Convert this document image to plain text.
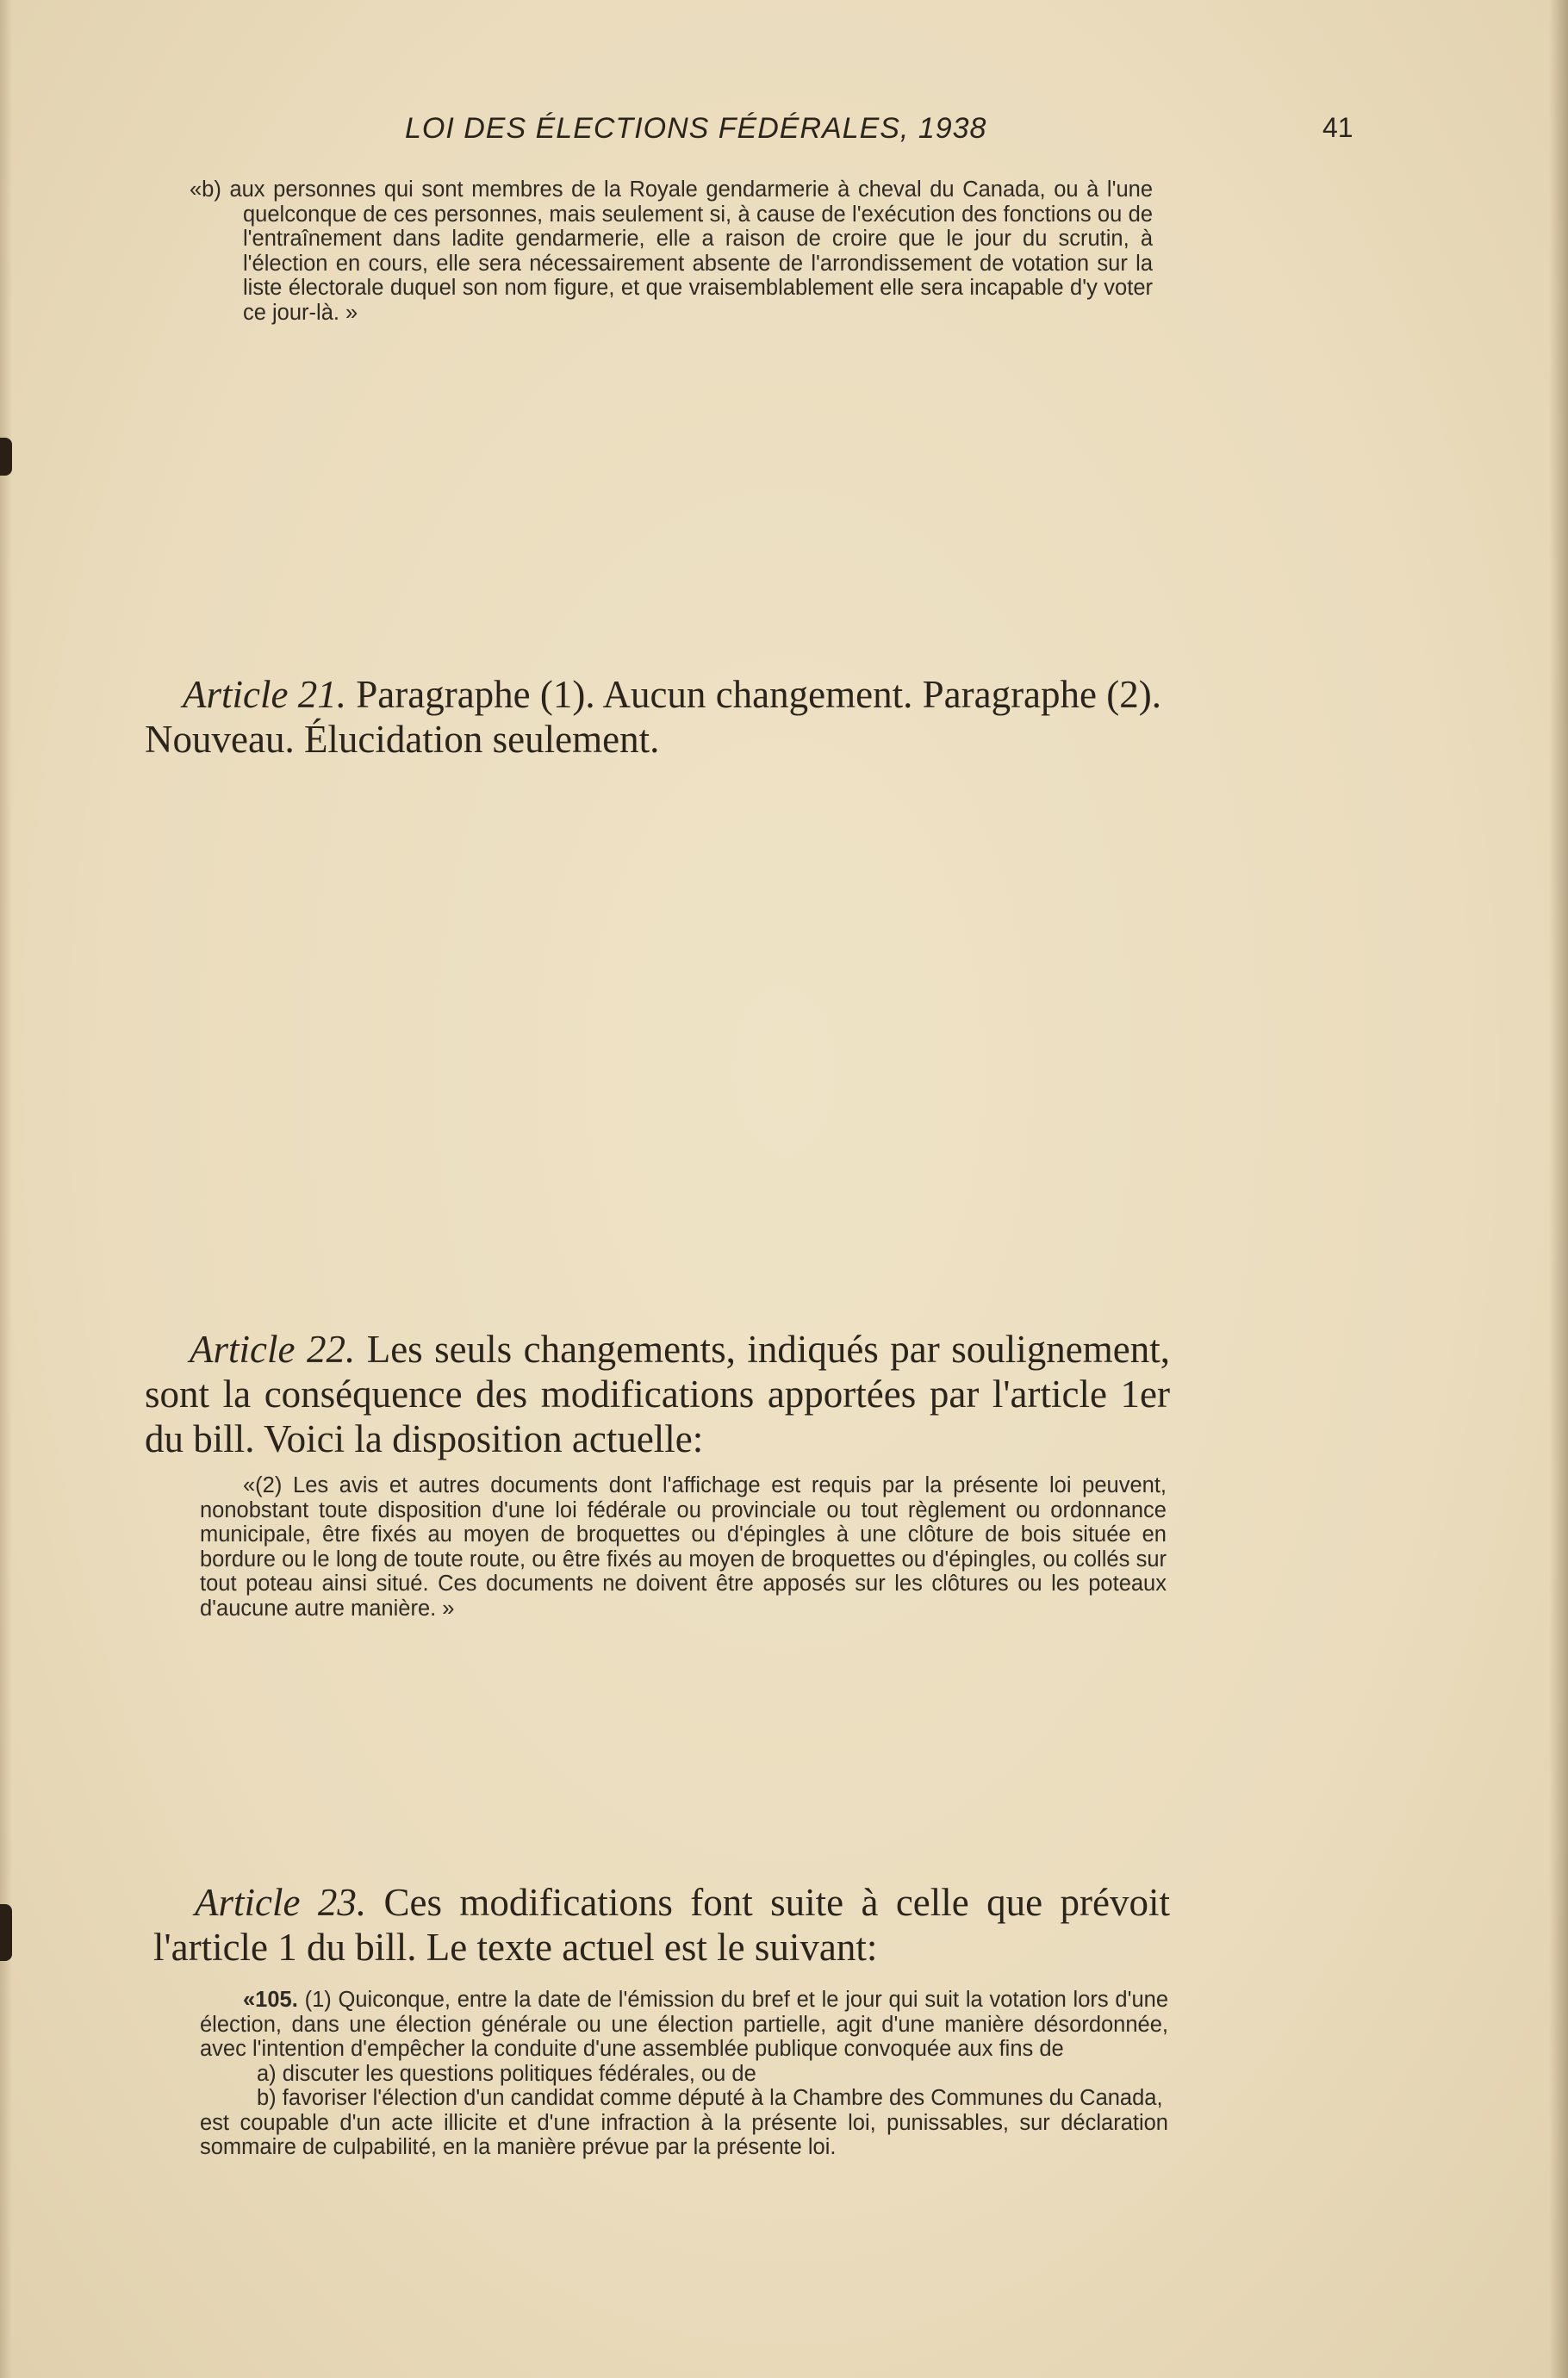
LOI DES ÉLECTIONS FÉDÉRALES, 1938	41

«b) aux personnes qui sont membres de la Royale gendarmerie à cheval du Canada, ou à l'une quelconque de ces personnes, mais seulement si, à cause de l'exécution des fonctions ou de l'entraînement dans ladite gendarmerie, elle a raison de croire que le jour du scrutin, à l'élection en cours, elle sera nécessairement absente de l'arrondissement de votation sur la liste électorale duquel son nom figure, et que vraisemblablement elle sera incapable d'y voter ce jour-là. »

Article 21. Paragraphe (1). Aucun changement. Paragraphe (2). Nouveau. Élucidation seulement.

Article 22. Les seuls changements, indiqués par soulignement, sont la conséquence des modifications apportées par l'article 1er du bill. Voici la disposition actuelle:

«(2) Les avis et autres documents dont l'affichage est requis par la présente loi peuvent, nonobstant toute disposition d'une loi fédérale ou provinciale ou tout règlement ou ordonnance municipale, être fixés au moyen de broquettes ou d'épingles à une clôture de bois située en bordure ou le long de toute route, ou être fixés au moyen de broquettes ou d'épingles, ou collés sur tout poteau ainsi situé. Ces documents ne doivent être apposés sur les clôtures ou les poteaux d'aucune autre manière. »

Article 23. Ces modifications font suite à celle que prévoit l'article 1 du bill. Le texte actuel est le suivant:

«105. (1) Quiconque, entre la date de l'émission du bref et le jour qui suit la votation lors d'une élection, dans une élection générale ou une élection partielle, agit d'une manière désordonnée, avec l'intention d'empêcher la conduite d'une assemblée publique convoquée aux fins de

a) discuter les questions politiques fédérales, ou de

b) favoriser l'élection d'un candidat comme député à la Chambre des Communes du Canada,

est coupable d'un acte illicite et d'une infraction à la présente loi, punissables, sur déclaration sommaire de culpabilité, en la manière prévue par la présente loi.
